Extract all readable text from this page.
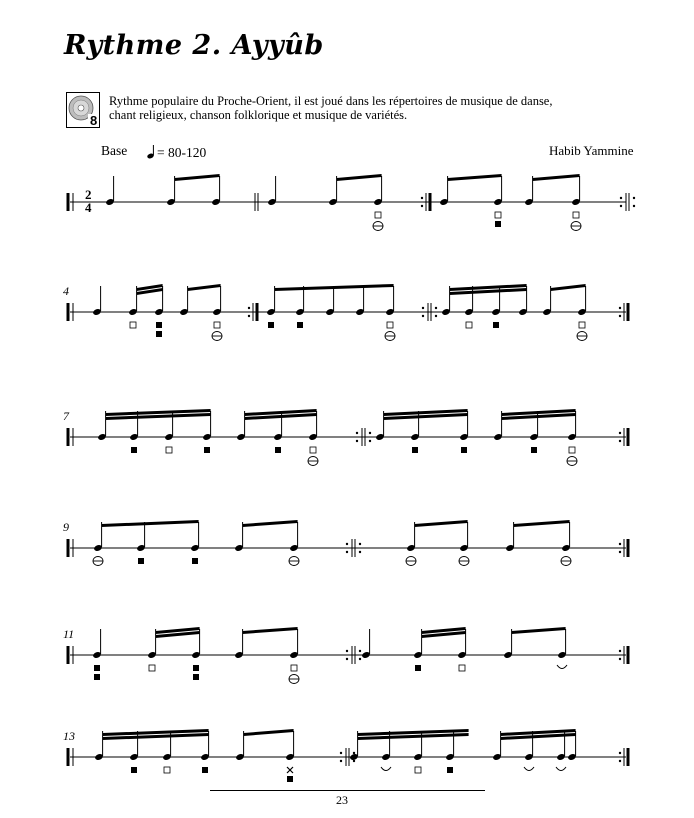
Rythme 2. Ayyûb
8
Rythme populaire du Proche-Orient, il est joué dans les répertoires de musique de danse,
chant religieux, chanson folklorique et musique de variétés.
Base	= 80-120	Habib Yammine
2
4
4
7
9
11
13
23
